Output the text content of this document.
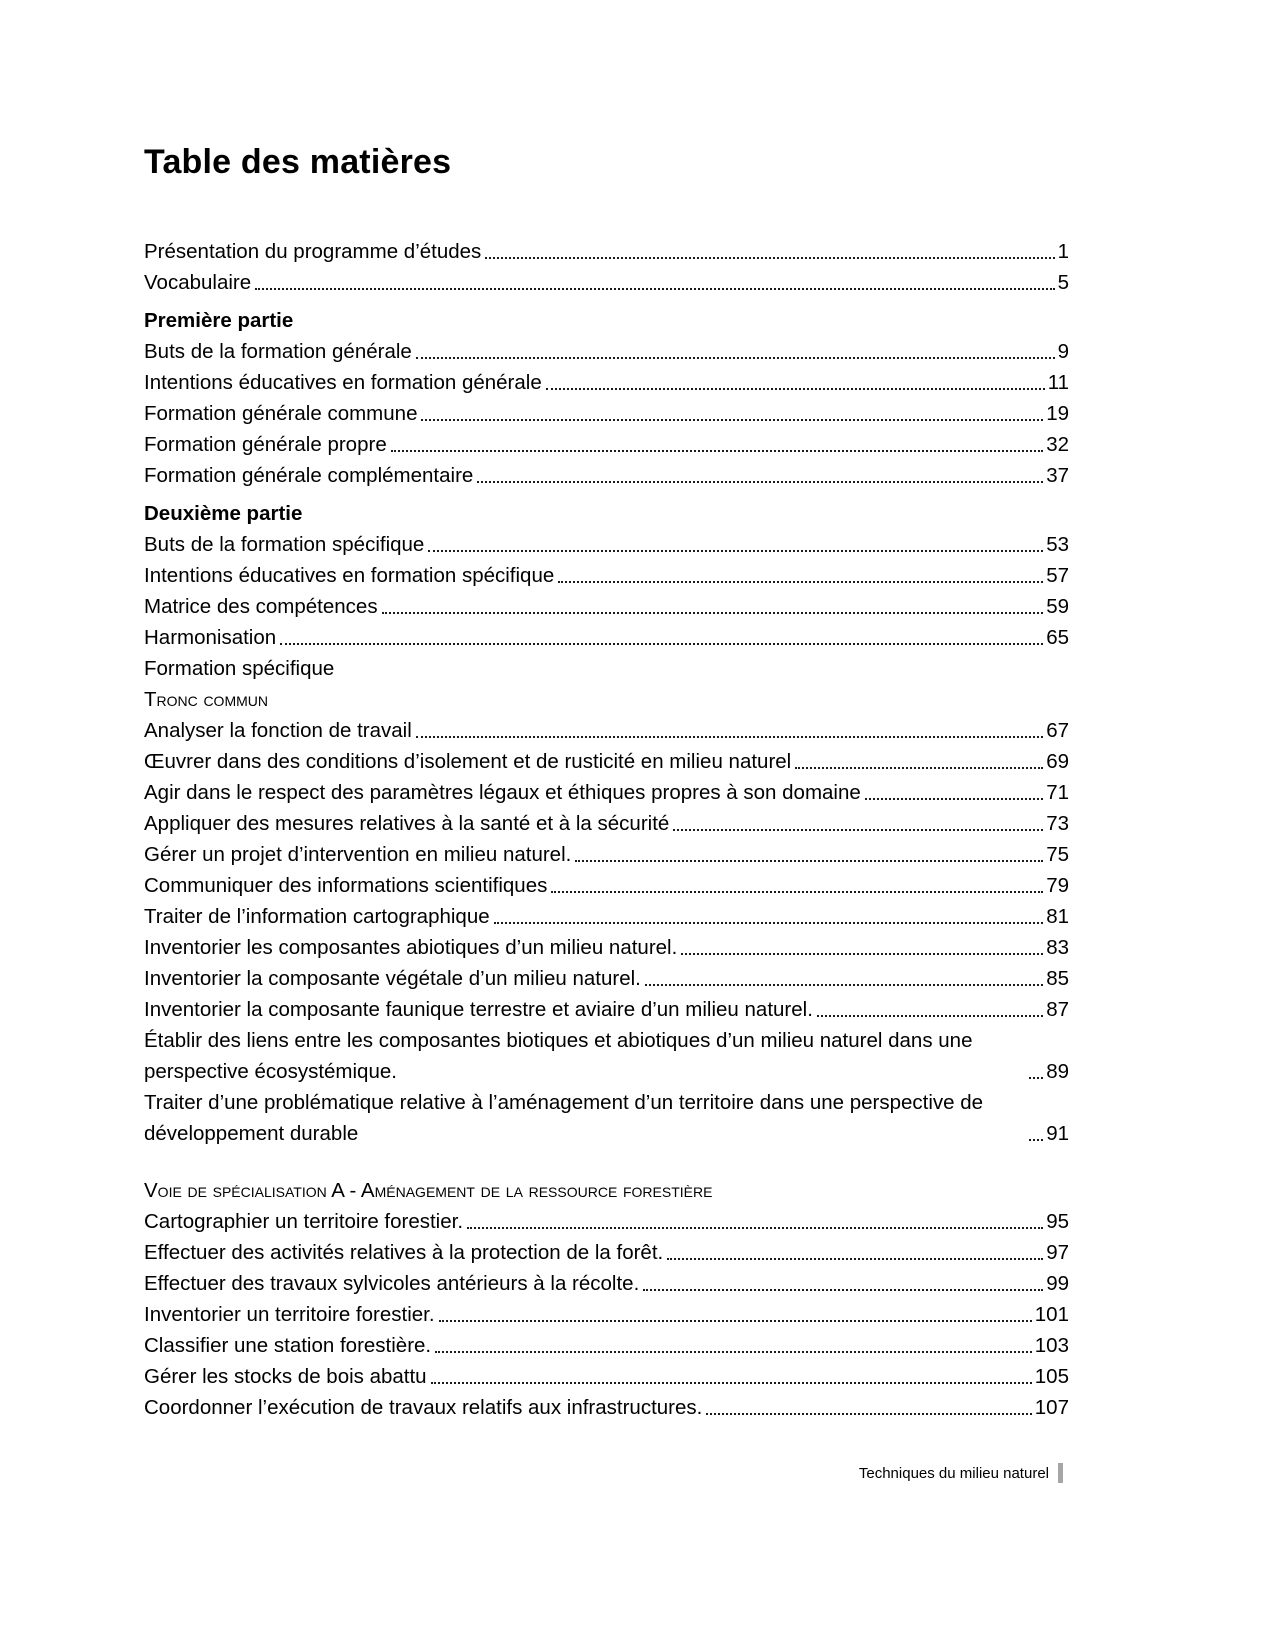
Table des matières
Présentation du programme d’études	1
Vocabulaire	5
Première partie
Buts de la formation générale	9
Intentions éducatives en formation générale	11
Formation générale commune	19
Formation générale propre	32
Formation générale complémentaire	37
Deuxième partie
Buts de la formation spécifique	53
Intentions éducatives en formation spécifique	57
Matrice des compétences	59
Harmonisation	65
Formation spécifique
Tronc commun
Analyser la fonction de travail	67
Œuvrer dans des conditions d’isolement et de rusticité en milieu naturel	69
Agir dans le respect des paramètres légaux et éthiques propres à son domaine	71
Appliquer des mesures relatives à la santé et à la sécurité	73
Gérer un projet d’intervention en milieu naturel.	75
Communiquer des informations scientifiques	79
Traiter de l’information cartographique	81
Inventorier les composantes abiotiques d’un milieu naturel.	83
Inventorier la composante végétale d’un milieu naturel.	85
Inventorier la composante faunique terrestre et aviaire d’un milieu naturel.	87
Établir des liens entre les composantes biotiques et abiotiques d’un milieu naturel dans une perspective écosystémique.	89
Traiter d’une problématique relative à l’aménagement d’un territoire dans une perspective de développement durable	91
Voie de spécialisation A - Aménagement de la ressource forestière
Cartographier un territoire forestier.	95
Effectuer des activités relatives à la protection de la forêt.	97
Effectuer des travaux sylvicoles antérieurs à la récolte.	99
Inventorier un territoire forestier.	101
Classifier une station forestière.	103
Gérer les stocks de bois abattu	105
Coordonner l’exécution de travaux relatifs aux infrastructures.	107
Techniques du milieu naturel
